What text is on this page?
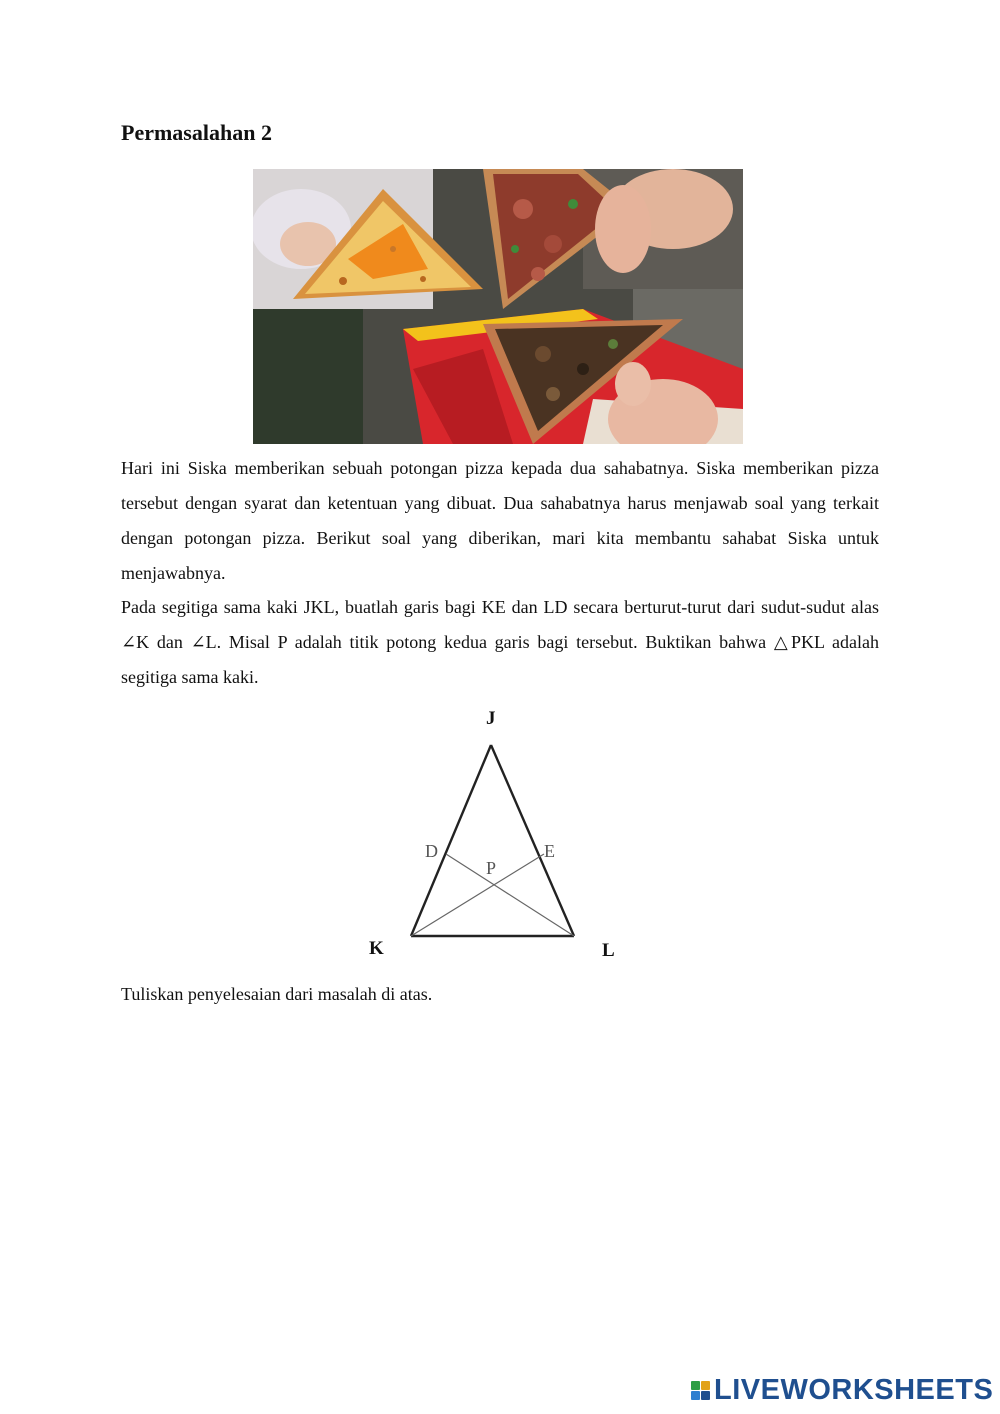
Permasalahan 2

Hari ini Siska memberikan sebuah potongan pizza kepada dua sahabatnya. Siska memberikan pizza tersebut dengan syarat dan ketentuan yang dibuat. Dua sahabatnya harus menjawab soal yang terkait dengan potongan pizza. Berikut soal yang diberikan, mari kita membantu sahabat Siska untuk menjawabnya.

Pada segitiga sama kaki JKL, buatlah garis bagi KE dan LD secara berturut-turut dari sudut-sudut alas ∠K dan ∠L. Misal P adalah titik potong kedua garis bagi tersebut. Buktikan bahwa △PKL adalah segitiga sama kaki.

J
K	L
D	E
P

Tuliskan penyelesaian dari masalah di atas.

LIVEWORKSHEETS
